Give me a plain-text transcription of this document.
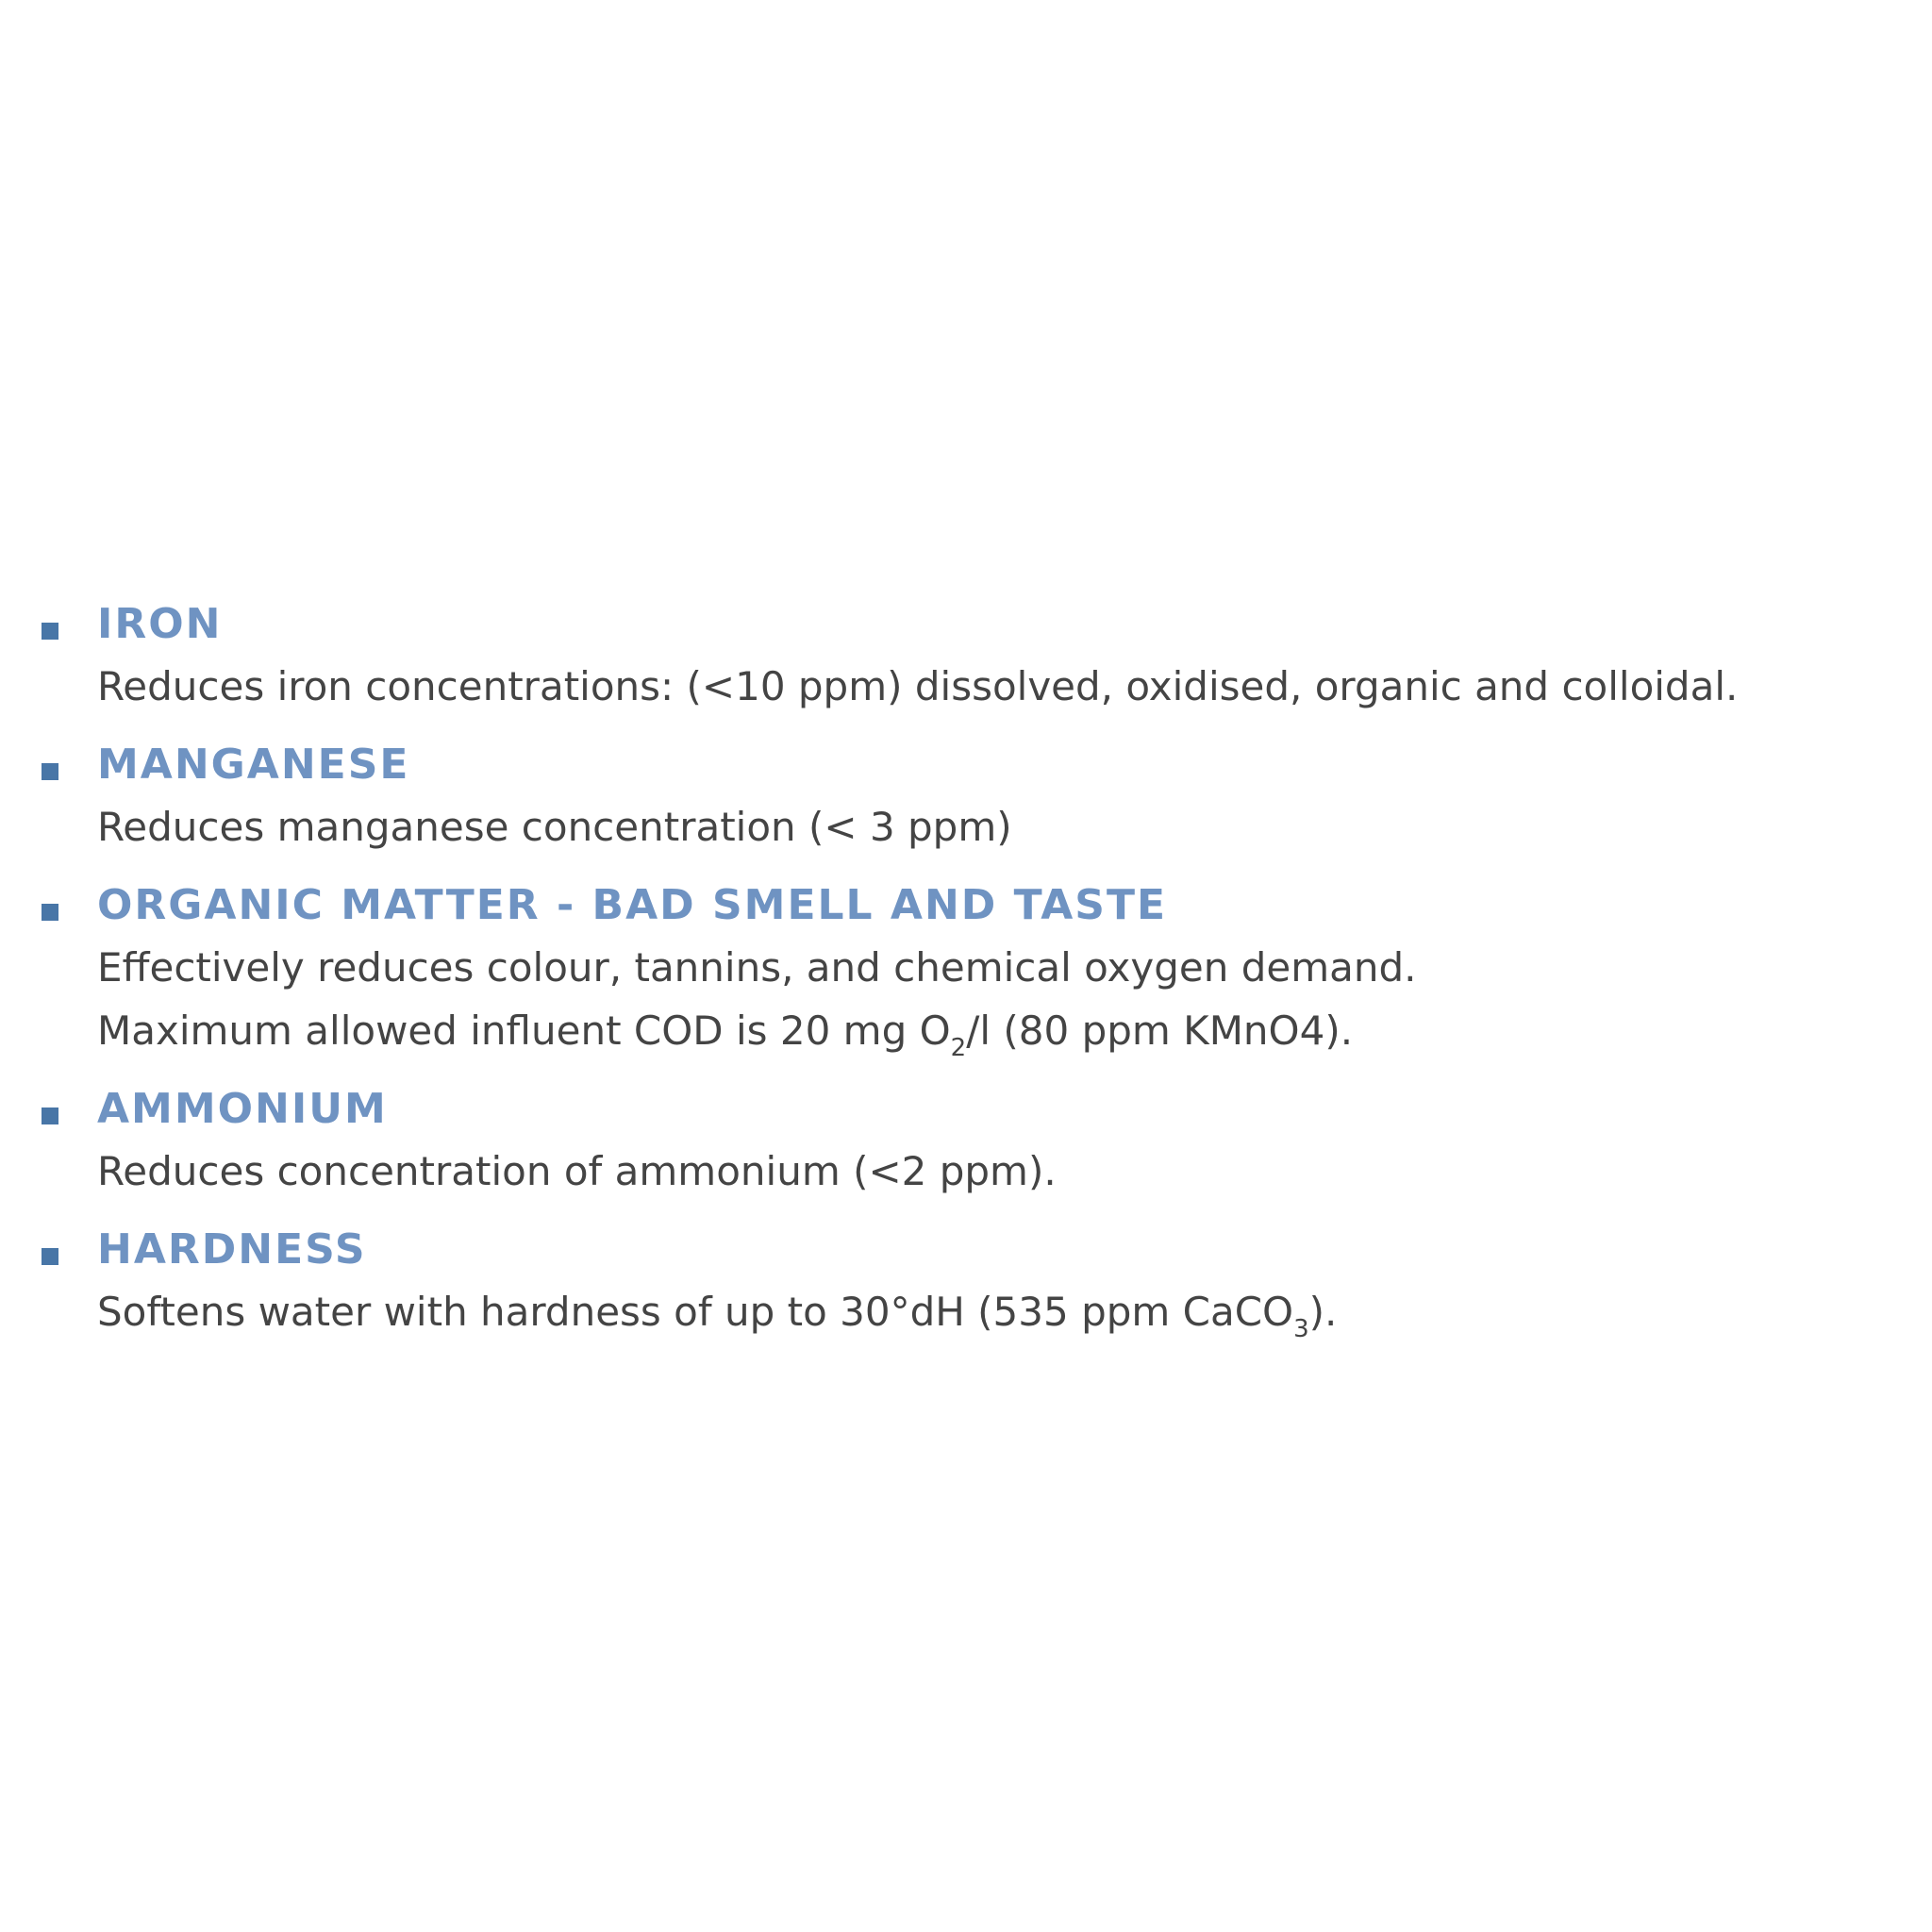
IRON
Reduces iron concentrations: (<10 ppm) dissolved, oxidised, organic and colloidal.
MANGANESE
Reduces manganese concentration (< 3 ppm)
ORGANIC MATTER - BAD SMELL AND TASTE
Effectively reduces colour, tannins, and chemical oxygen demand.
Maximum allowed influent COD is 20 mg $O_2/l$ (80 ppm KMnO4).
AMMONIUM
Reduces concentration of ammonium (<2 ppm).
HARDNESS
Softens water with hardness of up to 30°dH (535 ppm CaCO$_3$).
